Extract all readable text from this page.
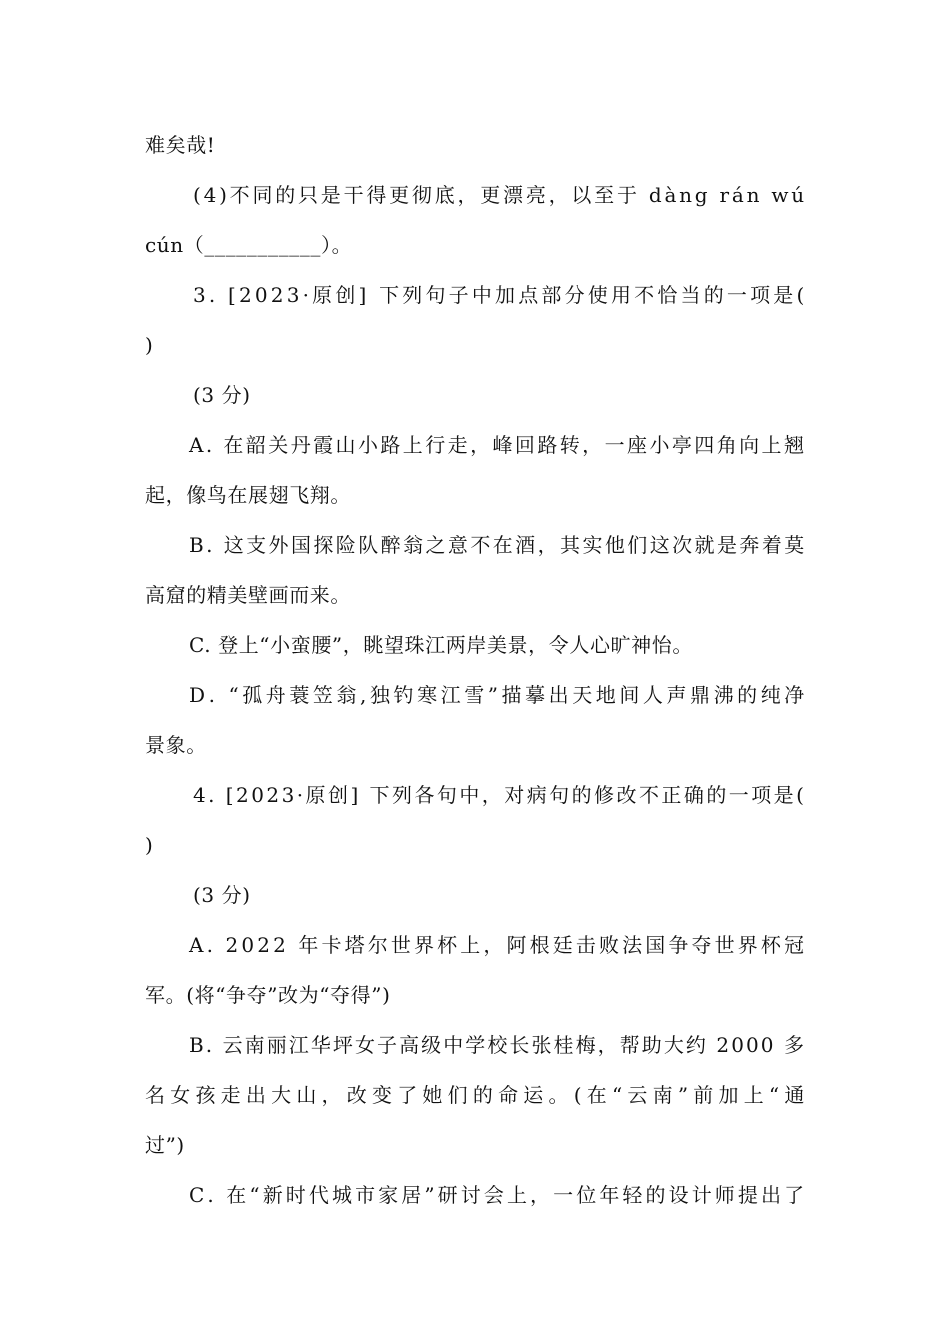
难矣哉!
( 4 ) 不 同 的 只 是 干 得 更 彻 底 ， 更 漂 亮 ， 以 至 于
d à n g
r á n
w ú
cún（___________）。
3 .
[ 2 0 2 3 · 原 创 ]
下 列 句 子 中 加 点 部 分 使 用 不 恰 当 的 一 项 是 (
)
(3 分)
A .
在 韶 关 丹 霞 山 小 路 上 行 走 ， 峰 回 路 转 ， 一 座 小 亭 四 角 向 上 翘
起，像鸟在展翅飞翔。
B .
这 支 外 国 探 险 队 醉 翁 之 意 不 在 酒 ， 其 实 他 们 这 次 就 是 奔 着 莫
高窟的精美壁画而来。
C. 登上“小蛮腰”，眺望珠江两岸美景，令人心旷神怡。
D .
“ 孤 舟 蓑 笠 翁 , 独 钓 寒 江 雪 ” 描 摹 出 天 地 间 人 声 鼎 沸 的 纯 净
景象。
4 .
[ 2 0 2 3 · 原 创 ]
下 列 各 句 中 ， 对 病 句 的 修 改 不 正 确 的 一 项 是 (
)
(3 分)
A .
2 0 2 2
年 卡 塔 尔 世 界 杯 上 ， 阿 根 廷 击 败 法 国 争 夺 世 界 杯 冠
军。(将“争夺”改为“夺得”)
B .
云 南 丽 江 华 坪 女 子 高 级 中 学 校 长 张 桂 梅 ， 帮 助 大 约
2 0 0 0
多
名 女 孩 走 出 大 山 ， 改 变 了 她 们 的 命 运 。 ( 在 “ 云 南 ” 前 加 上 “ 通
过”)
C .
在 “ 新 时 代 城 市 家 居 ” 研 讨 会 上 ， 一 位 年 轻 的 设 计 师 提 出 了
